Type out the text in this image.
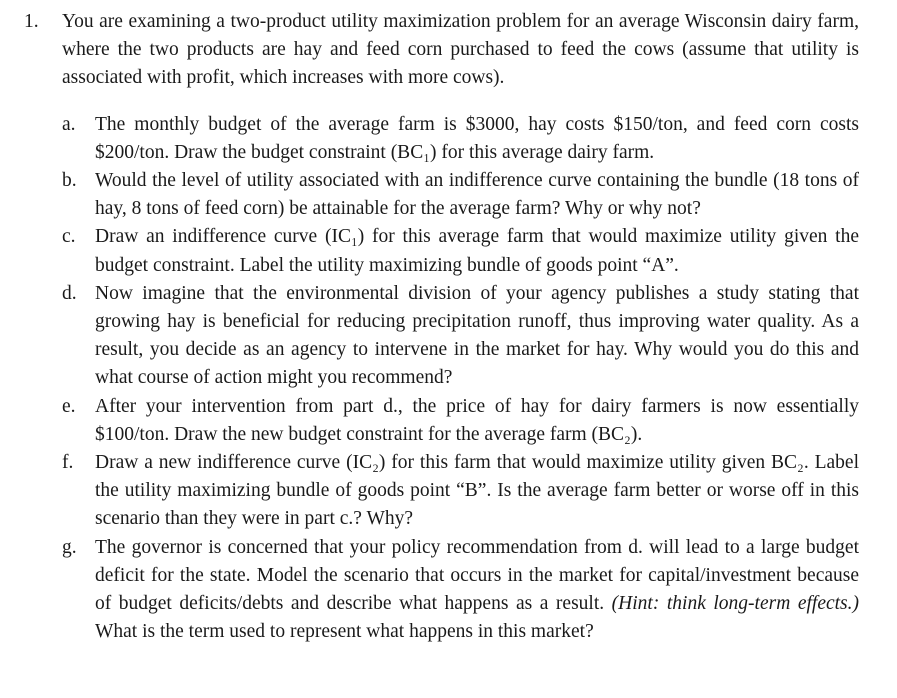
1.	You are examining a two-product utility maximization problem for an average Wisconsin dairy farm, where the two products are hay and feed corn purchased to feed the cows (assume that utility is associated with profit, which increases with more cows).
a. The monthly budget of the average farm is $3000, hay costs $150/ton, and feed corn costs $200/ton. Draw the budget constraint (BC₁) for this average dairy farm.
b. Would the level of utility associated with an indifference curve containing the bundle (18 tons of hay, 8 tons of feed corn) be attainable for the average farm? Why or why not?
c. Draw an indifference curve (IC₁) for this average farm that would maximize utility given the budget constraint. Label the utility maximizing bundle of goods point “A”.
d. Now imagine that the environmental division of your agency publishes a study stating that growing hay is beneficial for reducing precipitation runoff, thus improving water quality. As a result, you decide as an agency to intervene in the market for hay. Why would you do this and what course of action might you recommend?
e. After your intervention from part d., the price of hay for dairy farmers is now essentially $100/ton. Draw the new budget constraint for the average farm (BC₂).
f.	Draw a new indifference curve (IC₂) for this farm that would maximize utility given BC₂. Label the utility maximizing bundle of goods point “B”. Is the average farm better or worse off in this scenario than they were in part c.? Why?
g. The governor is concerned that your policy recommendation from d. will lead to a large budget deficit for the state. Model the scenario that occurs in the market for capital/investment because of budget deficits/debts and describe what happens as a result. (Hint: think long-term effects.) What is the term used to represent what happens in this market?
